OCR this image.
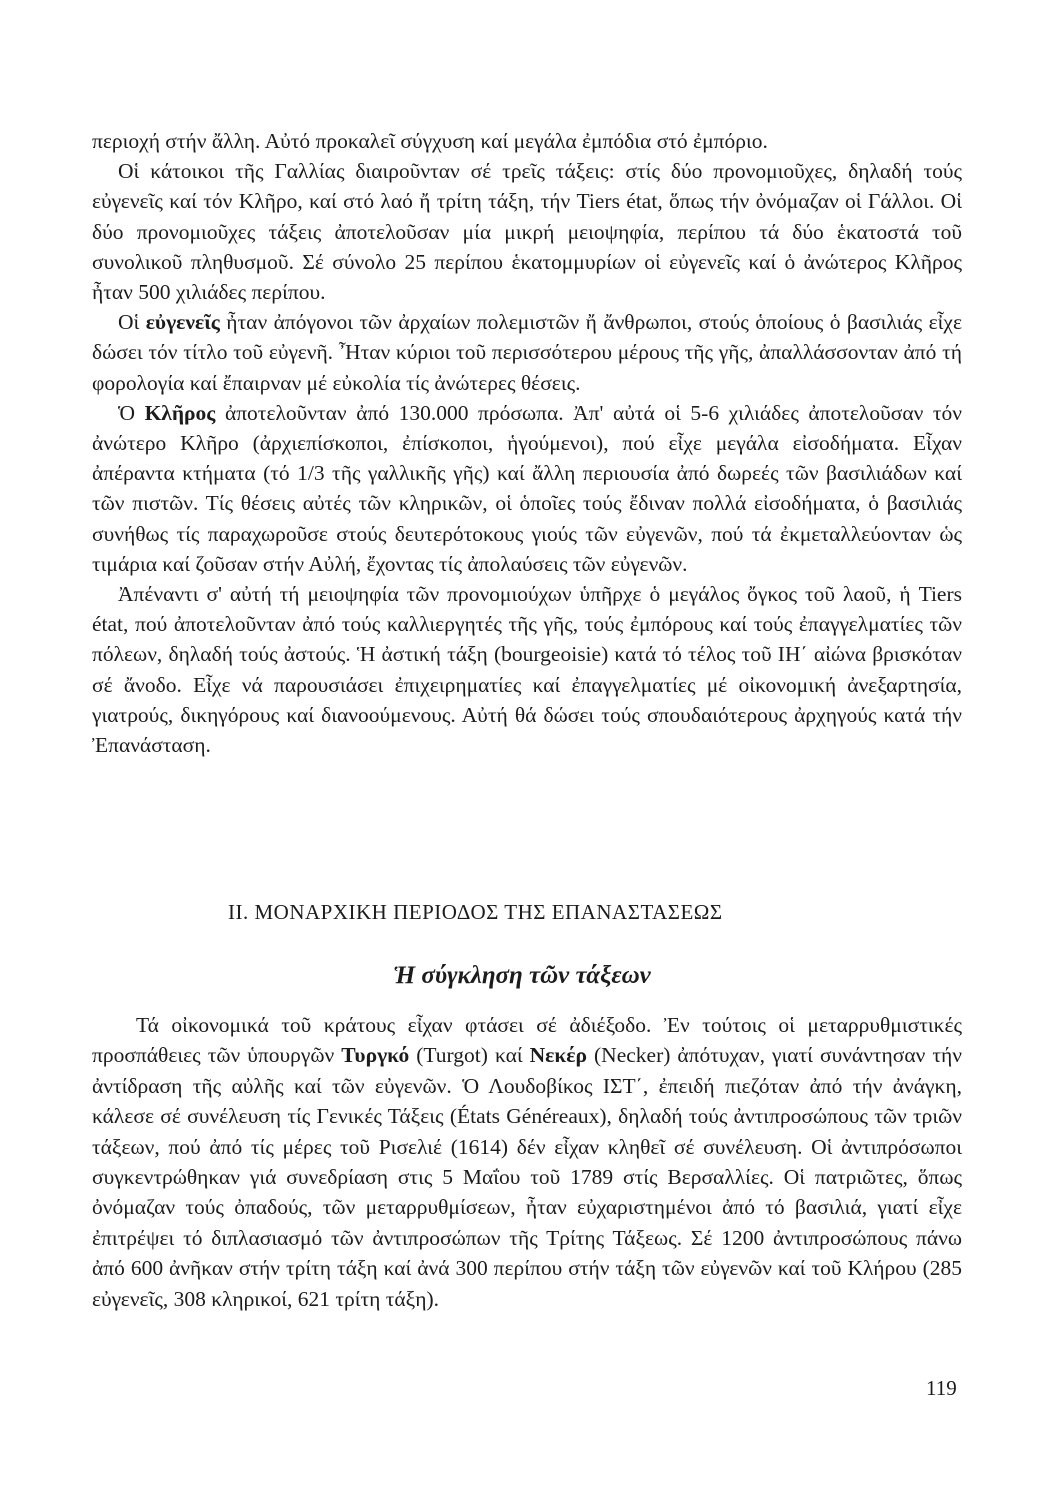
περιοχή στήν ἄλλη. Αὐτό προκαλεῖ σύγχυση καί μεγάλα ἐμπόδια στό ἐμπόριο.

Οἱ κάτοικοι τῆς Γαλλίας διαιροῦνταν σέ τρεῖς τάξεις: στίς δύο προνομιοῦχες, δηλαδή τούς εὐγενεῖς καί τόν Κλῆρο, καί στό λαό ἤ τρίτη τάξη, τήν Tiers état, ὅπως τήν ὀνόμαζαν οἱ Γάλλοι. Οἱ δύο προνομιοῦχες τάξεις ἀποτελοῦσαν μία μικρή μειοψηφία, περίπου τά δύο ἑκατοστά τοῦ συνολικοῦ πληθυσμοῦ. Σέ σύνολο 25 περίπου ἑκατομμυρίων οἱ εὐγενεῖς καί ὁ ἀνώτερος Κλῆρος ἦταν 500 χιλιάδες περίπου.

Οἱ εὐγενεῖς ἦταν ἀπόγονοι τῶν ἀρχαίων πολεμιστῶν ἤ ἄνθρωποι, στούς ὁποίους ὁ βασιλιάς εἶχε δώσει τόν τίτλο τοῦ εὐγενῆ. Ἦταν κύριοι τοῦ περισσότερου μέρους τῆς γῆς, ἀπαλλάσσονταν ἀπό τή φορολογία καί ἔπαιρναν μέ εὐκολία τίς ἀνώτερες θέσεις.

Ὁ Κλῆρος ἀποτελοῦνταν ἀπό 130.000 πρόσωπα. Ἀπ' αὐτά οἱ 5-6 χιλιάδες ἀποτελοῦσαν τόν ἀνώτερο Κλῆρο (ἀρχιεπίσκοποι, ἐπίσκοποι, ἡγούμενοι), πού εἶχε μεγάλα εἰσοδήματα. Εἶχαν ἀπέραντα κτήματα (τό 1/3 τῆς γαλλικῆς γῆς) καί ἄλλη περιουσία ἀπό δωρεές τῶν βασιλιάδων καί τῶν πιστῶν. Τίς θέσεις αὐτές τῶν κληρικῶν, οἱ ὁποῖες τούς ἔδιναν πολλά εἰσοδήματα, ὁ βασιλιάς συνήθως τίς παραχωροῦσε στούς δευτερότοκους γιούς τῶν εὐγενῶν, πού τά ἐκμεταλλεύονταν ὡς τιμάρια καί ζοῦσαν στήν Αὐλή, ἔχοντας τίς ἀπολαύσεις τῶν εὐγενῶν.

Ἀπέναντι σ' αὐτή τή μειοψηφία τῶν προνομιούχων ὑπῆρχε ὁ μεγάλος ὄγκος τοῦ λαοῦ, ἡ Tiers état, πού ἀποτελοῦνταν ἀπό τούς καλλιεργητές τῆς γῆς, τούς ἐμπόρους καί τούς ἐπαγγελματίες τῶν πόλεων, δηλαδή τούς ἀστούς. Ἡ ἀστική τάξη (bourgeoisie) κατά τό τέλος τοῦ ΙΗ΄ αἰώνα βρισκόταν σέ ἄνοδο. Εἶχε νά παρουσιάσει ἐπιχειρηματίες καί ἐπαγγελματίες μέ οἰκονομική ἀνεξαρτησία, γιατρούς, δικηγόρους καί διανοούμενους. Αὐτή θά δώσει τούς σπουδαιότερους ἀρχηγούς κατά τήν Ἐπανάσταση.

ΙΙ. ΜΟΝΑΡΧΙΚΗ ΠΕΡΙΟΔΟΣ ΤΗΣ ΕΠΑΝΑΣΤΑΣΕΩΣ
Ἡ σύγκληση τῶν τάξεων

Τά οἰκονομικά τοῦ κράτους εἶχαν φτάσει σέ ἀδιέξοδο. Ἐν τούτοις οἱ μεταρρυθμιστικές προσπάθειες τῶν ὑπουργῶν Τυργκό (Turgot) καί Νεκέρ (Necker) ἀπότυχαν, γιατί συνάντησαν τήν ἀντίδραση τῆς αὐλῆς καί τῶν εὐγενῶν. Ὁ Λουδοβίκος ΙΣΤ΄, ἐπειδή πιεζόταν ἀπό τήν ἀνάγκη, κάλεσε σέ συνέλευση τίς Γενικές Τάξεις (États Généreaux), δηλαδή τούς ἀντιπροσώπους τῶν τριῶν τάξεων, πού ἀπό τίς μέρες τοῦ Ρισελιέ (1614) δέν εἶχαν κληθεῖ σέ συνέλευση. Οἱ ἀντιπρόσωποι συγκεντρώθηκαν γιά συνεδρίαση στις 5 Μαΐου τοῦ 1789 στίς Βερσαλλίες. Οἱ πατριῶτες, ὅπως ὀνόμαζαν τούς ὀπαδούς, τῶν μεταρρυθμίσεων, ἦταν εὐχαριστημένοι ἀπό τό βασιλιά, γιατί εἶχε ἐπιτρέψει τό διπλασιασμό τῶν ἀντιπροσώπων τῆς Τρίτης Τάξεως. Σέ 1200 ἀντιπροσώπους πάνω ἀπό 600 ἀνῆκαν στήν τρίτη τάξη καί ἀνά 300 περίπου στήν τάξη τῶν εὐγενῶν καί τοῦ Κλήρου (285 εὐγενεῖς, 308 κληρικοί, 621 τρίτη τάξη).

119
